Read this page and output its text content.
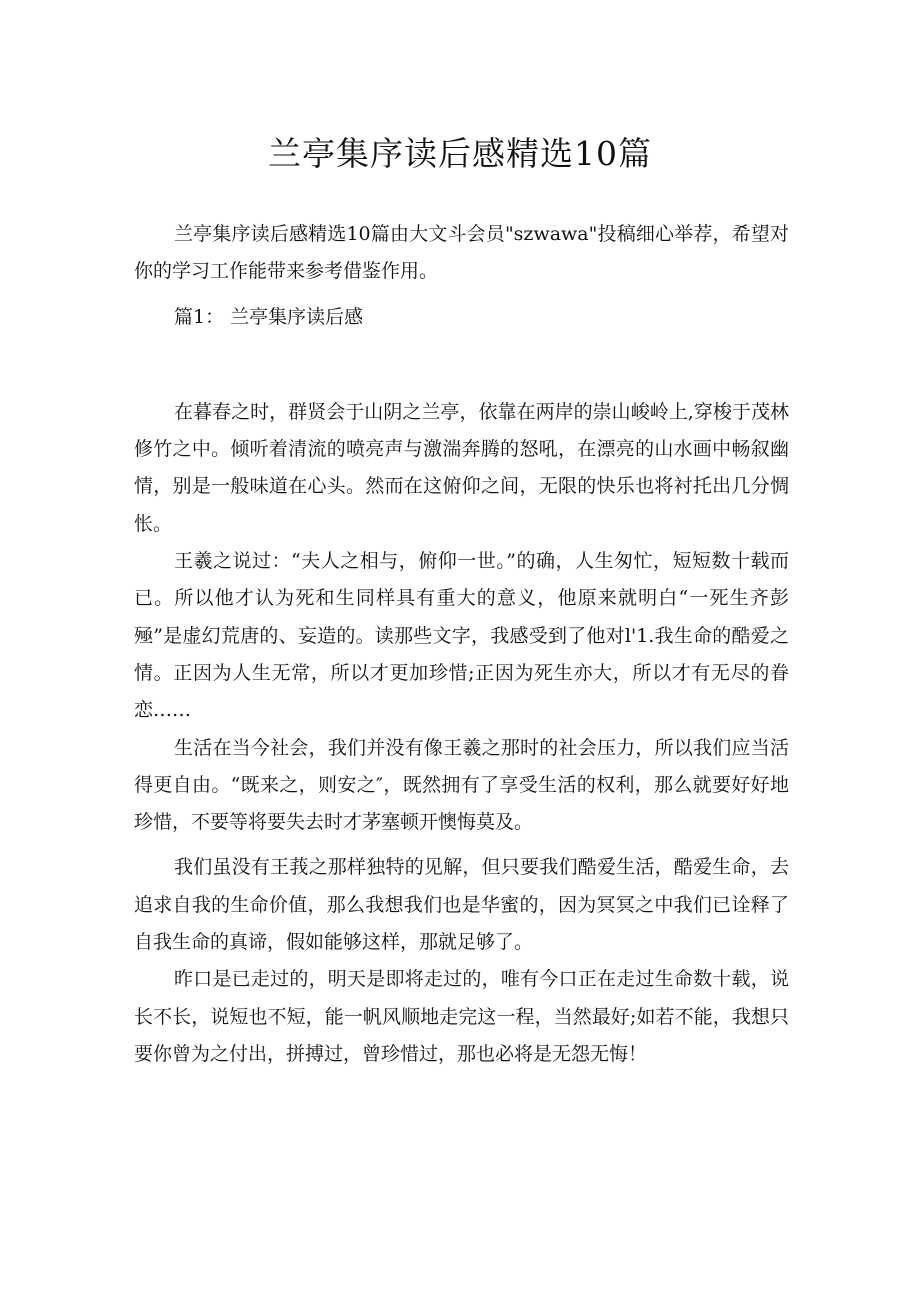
兰亭集序读后感精选10篇

兰亭集序读后感精选10篇由大文斗会员"szwawa"投稿细心举荐，希望对你的学习工作能带来参考借鉴作用。

篇1： 兰亭集序读后感

在暮春之时，群贤会于山阴之兰亭，依靠在两岸的崇山峻岭上,穿梭于茂林修竹之中。倾听着清流的喷亮声与激湍奔腾的怒吼，在漂亮的山水画中畅叙幽情，别是一般味道在心头。然而在这俯仰之间，无限的快乐也将衬托出几分惆怅。

王羲之说过：“夫人之相与，俯仰一世。”的确，人生匆忙，短短数十载而已。所以他才认为死和生同样具有重大的意义，他原来就明白“一死生齐彭殛”是虚幻荒唐的、妄造的。读那些文字，我感受到了他对l'1.我生命的酷爱之情。正因为人生无常，所以才更加珍惜;正因为死生亦大，所以才有无尽的眷恋……

生活在当今社会，我们并没有像王羲之那时的社会压力，所以我们应当活得更自由。“既来之，则安之″，既然拥有了享受生活的权利，那么就要好好地珍惜，不要等将要失去时才茅塞顿开懊悔莫及。

我们虽没有王莪之那样独特的见解，但只要我们酷爱生活，酷爱生命，去追求自我的生命价值，那么我想我们也是华蜜的，因为冥冥之中我们已诠释了自我生命的真谛，假如能够这样，那就足够了。

昨口是已走过的，明天是即将走过的，唯有今口正在走过生命数十载，说长不长，说短也不短，能一帆风顺地走完这一程，当然最好;如若不能，我想只要你曾为之付出，拼搏过，曾珍惜过，那也必将是无怨无悔！
